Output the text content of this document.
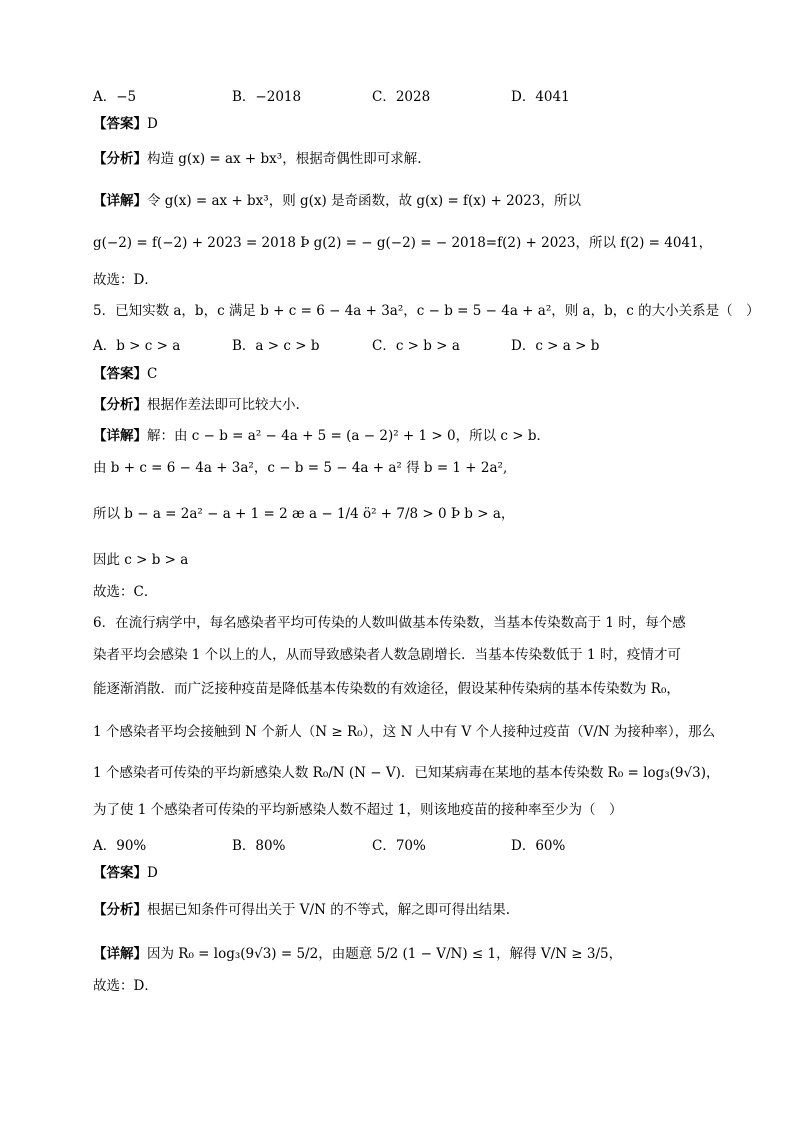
A．−5	B．−2018	C．2028	D．4041
【答案】D
【分析】构造 g(x) = ax + bx³，根据奇偶性即可求解.
【详解】令 g(x) = ax + bx³，则 g(x) 是奇函数，故 g(x) = f(x) + 2023，所以
g(−2) = f(−2) + 2023 = 2018 Þ g(2) = − g(−2) = − 2018=f(2) + 2023，所以 f(2) = 4041，
故选：D．
5．已知实数 a，b，c 满足 b + c = 6 − 4a + 3a²，c − b = 5 − 4a + a²，则 a，b，c 的大小关系是（　）
A．b > c > a	B．a > c > b	C．c > b > a	D．c > a > b
【答案】C
【分析】根据作差法即可比较大小.
【详解】解：由 c − b = a² − 4a + 5 = (a − 2)² + 1 > 0，所以 c > b．
由 b + c = 6 − 4a + 3a²，c − b = 5 − 4a + a² 得 b = 1 + 2a²,
所以 b − a = 2a² − a + 1 = 2 æ a − 1/4 ö² + 7/8 > 0 Þ b > a，
因此 c > b > a
故选：C．
6．在流行病学中，每名感染者平均可传染的人数叫做基本传染数，当基本传染数高于 1 时，每个感
染者平均会感染 1 个以上的人，从而导致感染者人数急剧增长．当基本传染数低于 1 时，疫情才可
能逐渐消散．而广泛接种疫苗是降低基本传染数的有效途径，假设某种传染病的基本传染数为 R₀，
1 个感染者平均会接触到 N 个新人（N ≥ R₀），这 N 人中有 V 个人接种过疫苗（V/N 为接种率），那么
1 个感染者可传染的平均新感染人数 R₀/N (N − V)．已知某病毒在某地的基本传染数 R₀ = log₃(9√3)，
为了使 1 个感染者可传染的平均新感染人数不超过 1，则该地疫苗的接种率至少为（　）
A．90%	B．80%	C．70%	D．60%
【答案】D
【分析】根据已知条件可得出关于 V/N 的不等式，解之即可得出结果.
【详解】因为 R₀ = log₃(9√3) = 5/2，由题意 5/2 (1 − V/N) ≤ 1，解得 V/N ≥ 3/5，
故选：D．
